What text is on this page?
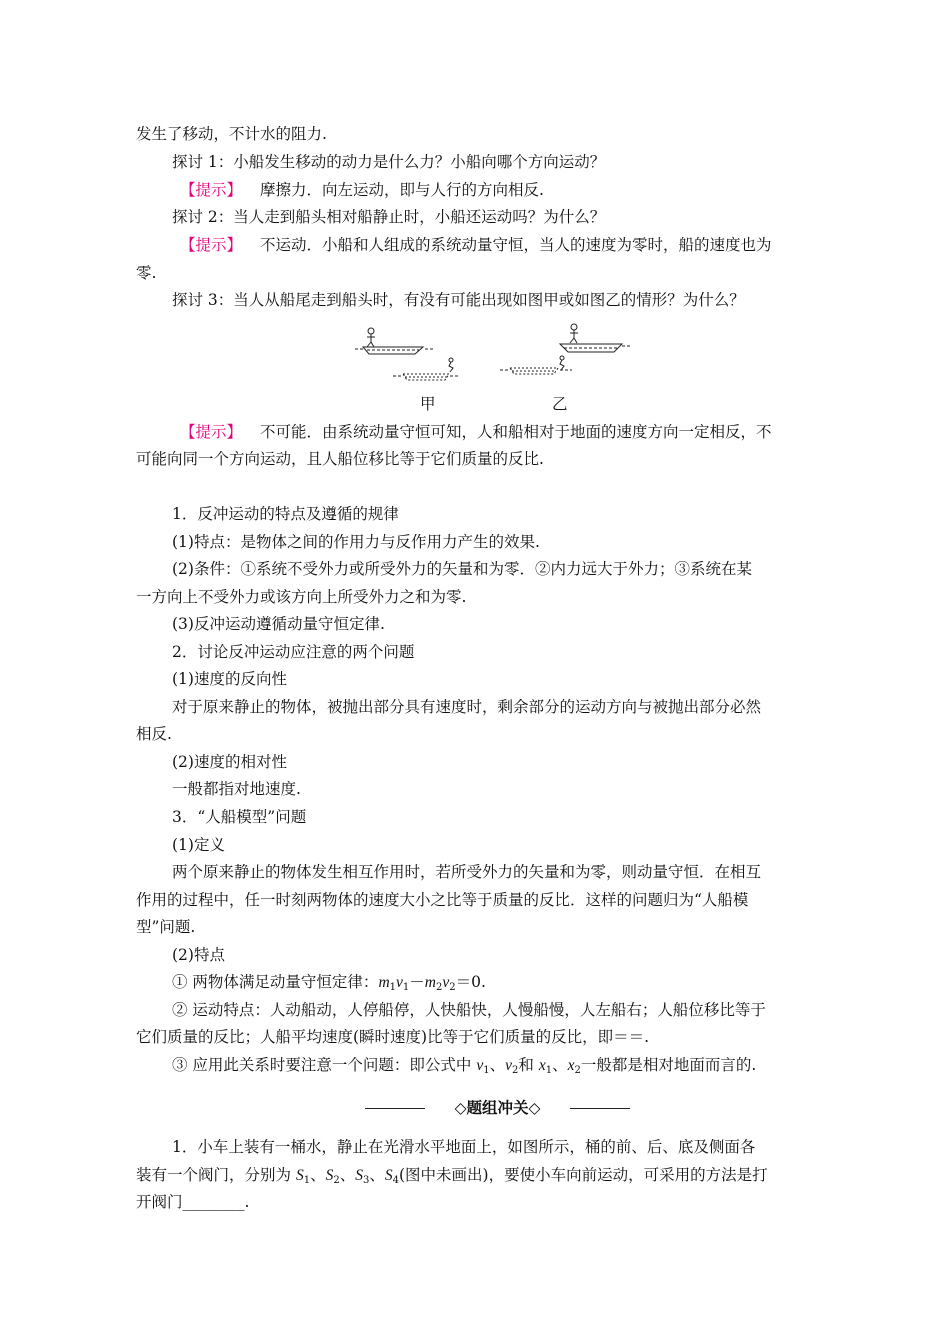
发生了移动，不计水的阻力.
探讨 1：小船发生移动的动力是什么力？小船向哪个方向运动？
【提示】 摩擦力．向左运动，即与人行的方向相反.
探讨 2：当人走到船头相对船静止时，小船还运动吗？为什么？
【提示】 不运动．小船和人组成的系统动量守恒，当人的速度为零时，船的速度也为
零.
探讨 3：当人从船尾走到船头时，有没有可能出现如图甲或如图乙的情形？为什么？
甲	乙
【提示】 不可能．由系统动量守恒可知，人和船相对于地面的速度方向一定相反，不
可能向同一个方向运动，且人船位移比等于它们质量的反比.
1．反冲运动的特点及遵循的规律
(1)特点：是物体之间的作用力与反作用力产生的效果.
(2)条件：①系统不受外力或所受外力的矢量和为零．②内力远大于外力；③系统在某
一方向上不受外力或该方向上所受外力之和为零.
(3)反冲运动遵循动量守恒定律.
2．讨论反冲运动应注意的两个问题
(1)速度的反向性
对于原来静止的物体，被抛出部分具有速度时，剩余部分的运动方向与被抛出部分必然
相反.
(2)速度的相对性
一般都指对地速度.
3．“人船模型”问题
(1)定义
两个原来静止的物体发生相互作用时，若所受外力的矢量和为零，则动量守恒．在相互
作用的过程中，任一时刻两物体的速度大小之比等于质量的反比．这样的问题归为“人船模
型”问题.
(2)特点
① 两物体满足动量守恒定律：$m_1v_1-m_2v_2=0$.
② 运动特点：人动船动，人停船停，人快船快，人慢船慢，人左船右；人船位移比等于
它们质量的反比；人船平均速度(瞬时速度)比等于它们质量的反比，即＝＝.
③ 应用此关系时要注意一个问题：即公式中 $v_1$、$v_2$和 $x_1$、$x_2$一般都是相对地面而言的.
◇题组冲关◇
1．小车上装有一桶水，静止在光滑水平地面上，如图所示，桶的前、后、底及侧面各
装有一个阀门，分别为 $S_1$、$S_2$、$S_3$、$S_4$(图中未画出)，要使小车向前运动，可采用的方法是打
开阀门________.
